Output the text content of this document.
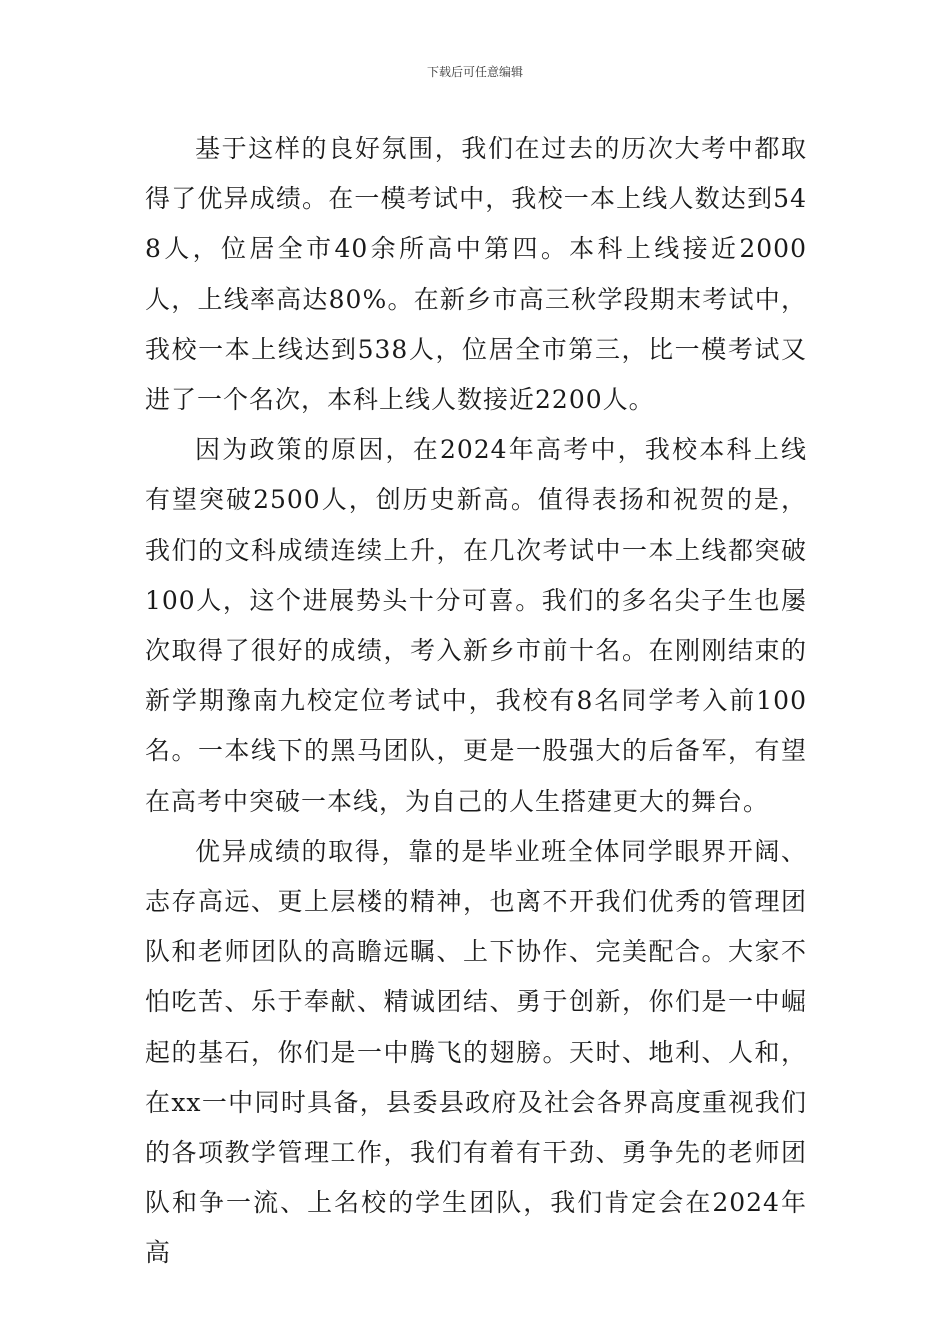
下载后可任意编辑

基于这样的良好氛围，我们在过去的历次大考中都取得了优异成绩。在一模考试中，我校一本上线人数达到548人，位居全市40余所高中第四。本科上线接近2000人，上线率高达80%。在新乡市高三秋学段期末考试中，我校一本上线达到538人，位居全市第三，比一模考试又进了一个名次，本科上线人数接近2200人。

因为政策的原因，在2024年高考中，我校本科上线有望突破2500人，创历史新高。值得表扬和祝贺的是，我们的文科成绩连续上升，在几次考试中一本上线都突破100人，这个进展势头十分可喜。我们的多名尖子生也屡次取得了很好的成绩，考入新乡市前十名。在刚刚结束的新学期豫南九校定位考试中，我校有8名同学考入前100名。一本线下的黑马团队，更是一股强大的后备军，有望在高考中突破一本线，为自己的人生搭建更大的舞台。

优异成绩的取得，靠的是毕业班全体同学眼界开阔、志存高远、更上层楼的精神，也离不开我们优秀的管理团队和老师团队的高瞻远瞩、上下协作、完美配合。大家不怕吃苦、乐于奉献、精诚团结、勇于创新，你们是一中崛起的基石，你们是一中腾飞的翅膀。天时、地利、人和，在xx一中同时具备，县委县政府及社会各界高度重视我们的各项教学管理工作，我们有着有干劲、勇争先的老师团队和争一流、上名校的学生团队，我们肯定会在2024年高
